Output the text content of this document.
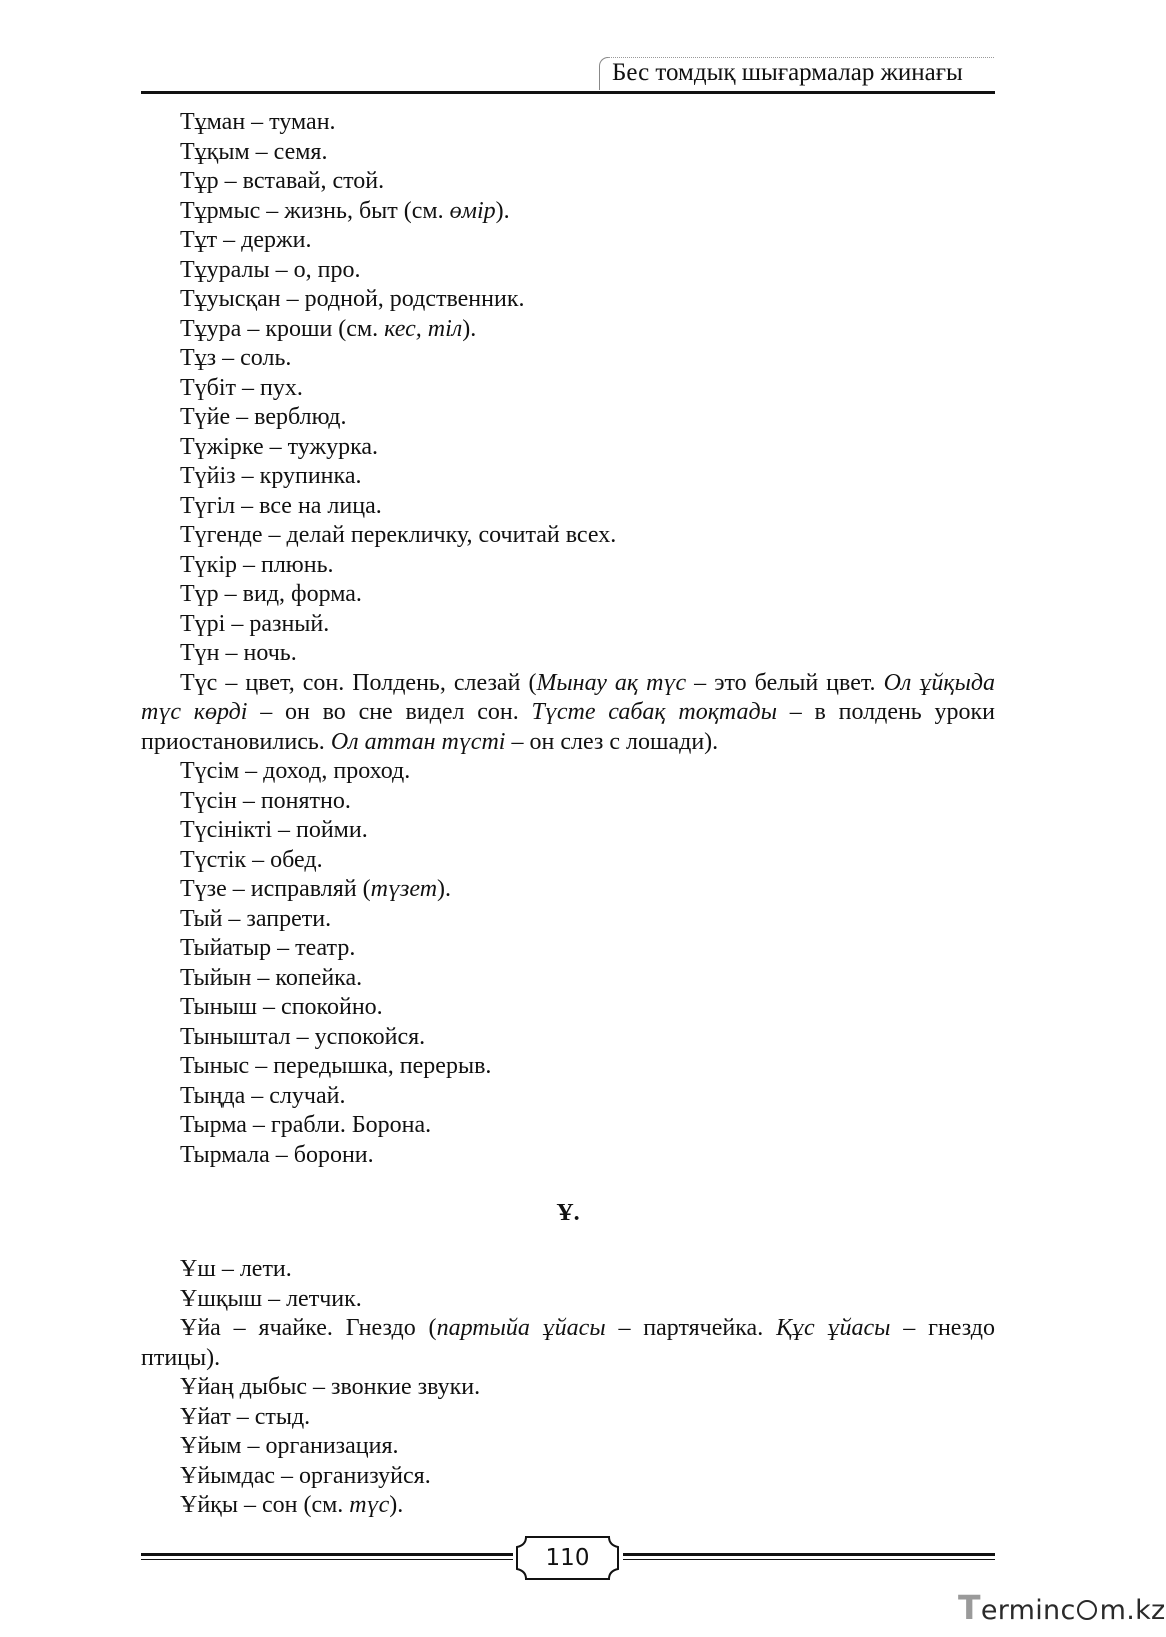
Бес томдық шығармалар жинағы
Тұман – туман.
Тұқым – семя.
Тұр – вставай, стой.
Тұрмыс – жизнь, быт (см. өмір).
Тұт – держи.
Тұуралы – о, про.
Тұуысқан – родной, родственник.
Тұура – кроши (см. кес, тіл).
Тұз – соль.
Түбіт – пух.
Түйе – верблюд.
Түжірке – тужурка.
Түйіз – крупинка.
Түгіл – все на лица.
Түгенде – делай перекличку, сочитай всех.
Түкір – плюнь.
Түр – вид, форма.
Түрі – разный.
Түн – ночь.
Түс – цвет, сон. Полдень, слезай (Мынау ақ түс – это белый цвет. Ол ұйқыда түс көрді – он во сне видел сон. Түсте сабақ тоқтады – в полдень уроки приостановились. Ол аттан түсті – он слез с лошади).
Түсім – доход, проход.
Түсін – понятно.
Түсінікті – пойми.
Түстік – обед.
Түзе – исправляй (түзет).
Тый – запрети.
Тыйатыр – театр.
Тыйын – копейка.
Тыныш – спокойно.
Тыныштал – успокойся.
Тыныс – передышка, перерыв.
Тыңда – случай.
Тырма – грабли. Борона.
Тырмала – борони.
Ұ.
Ұш – лети.
Ұшқыш – летчик.
Ұйа – ячайке. Гнездо (партыйа ұйасы – партячейка. Құс ұйасы – гнездо птицы).
Ұйаң дыбыс – звонкие звуки.
Ұйат – стыд.
Ұйым – организация.
Ұйымдас – организуйся.
Ұйқы – сон (см. түс).
110
Terminc m.kz
